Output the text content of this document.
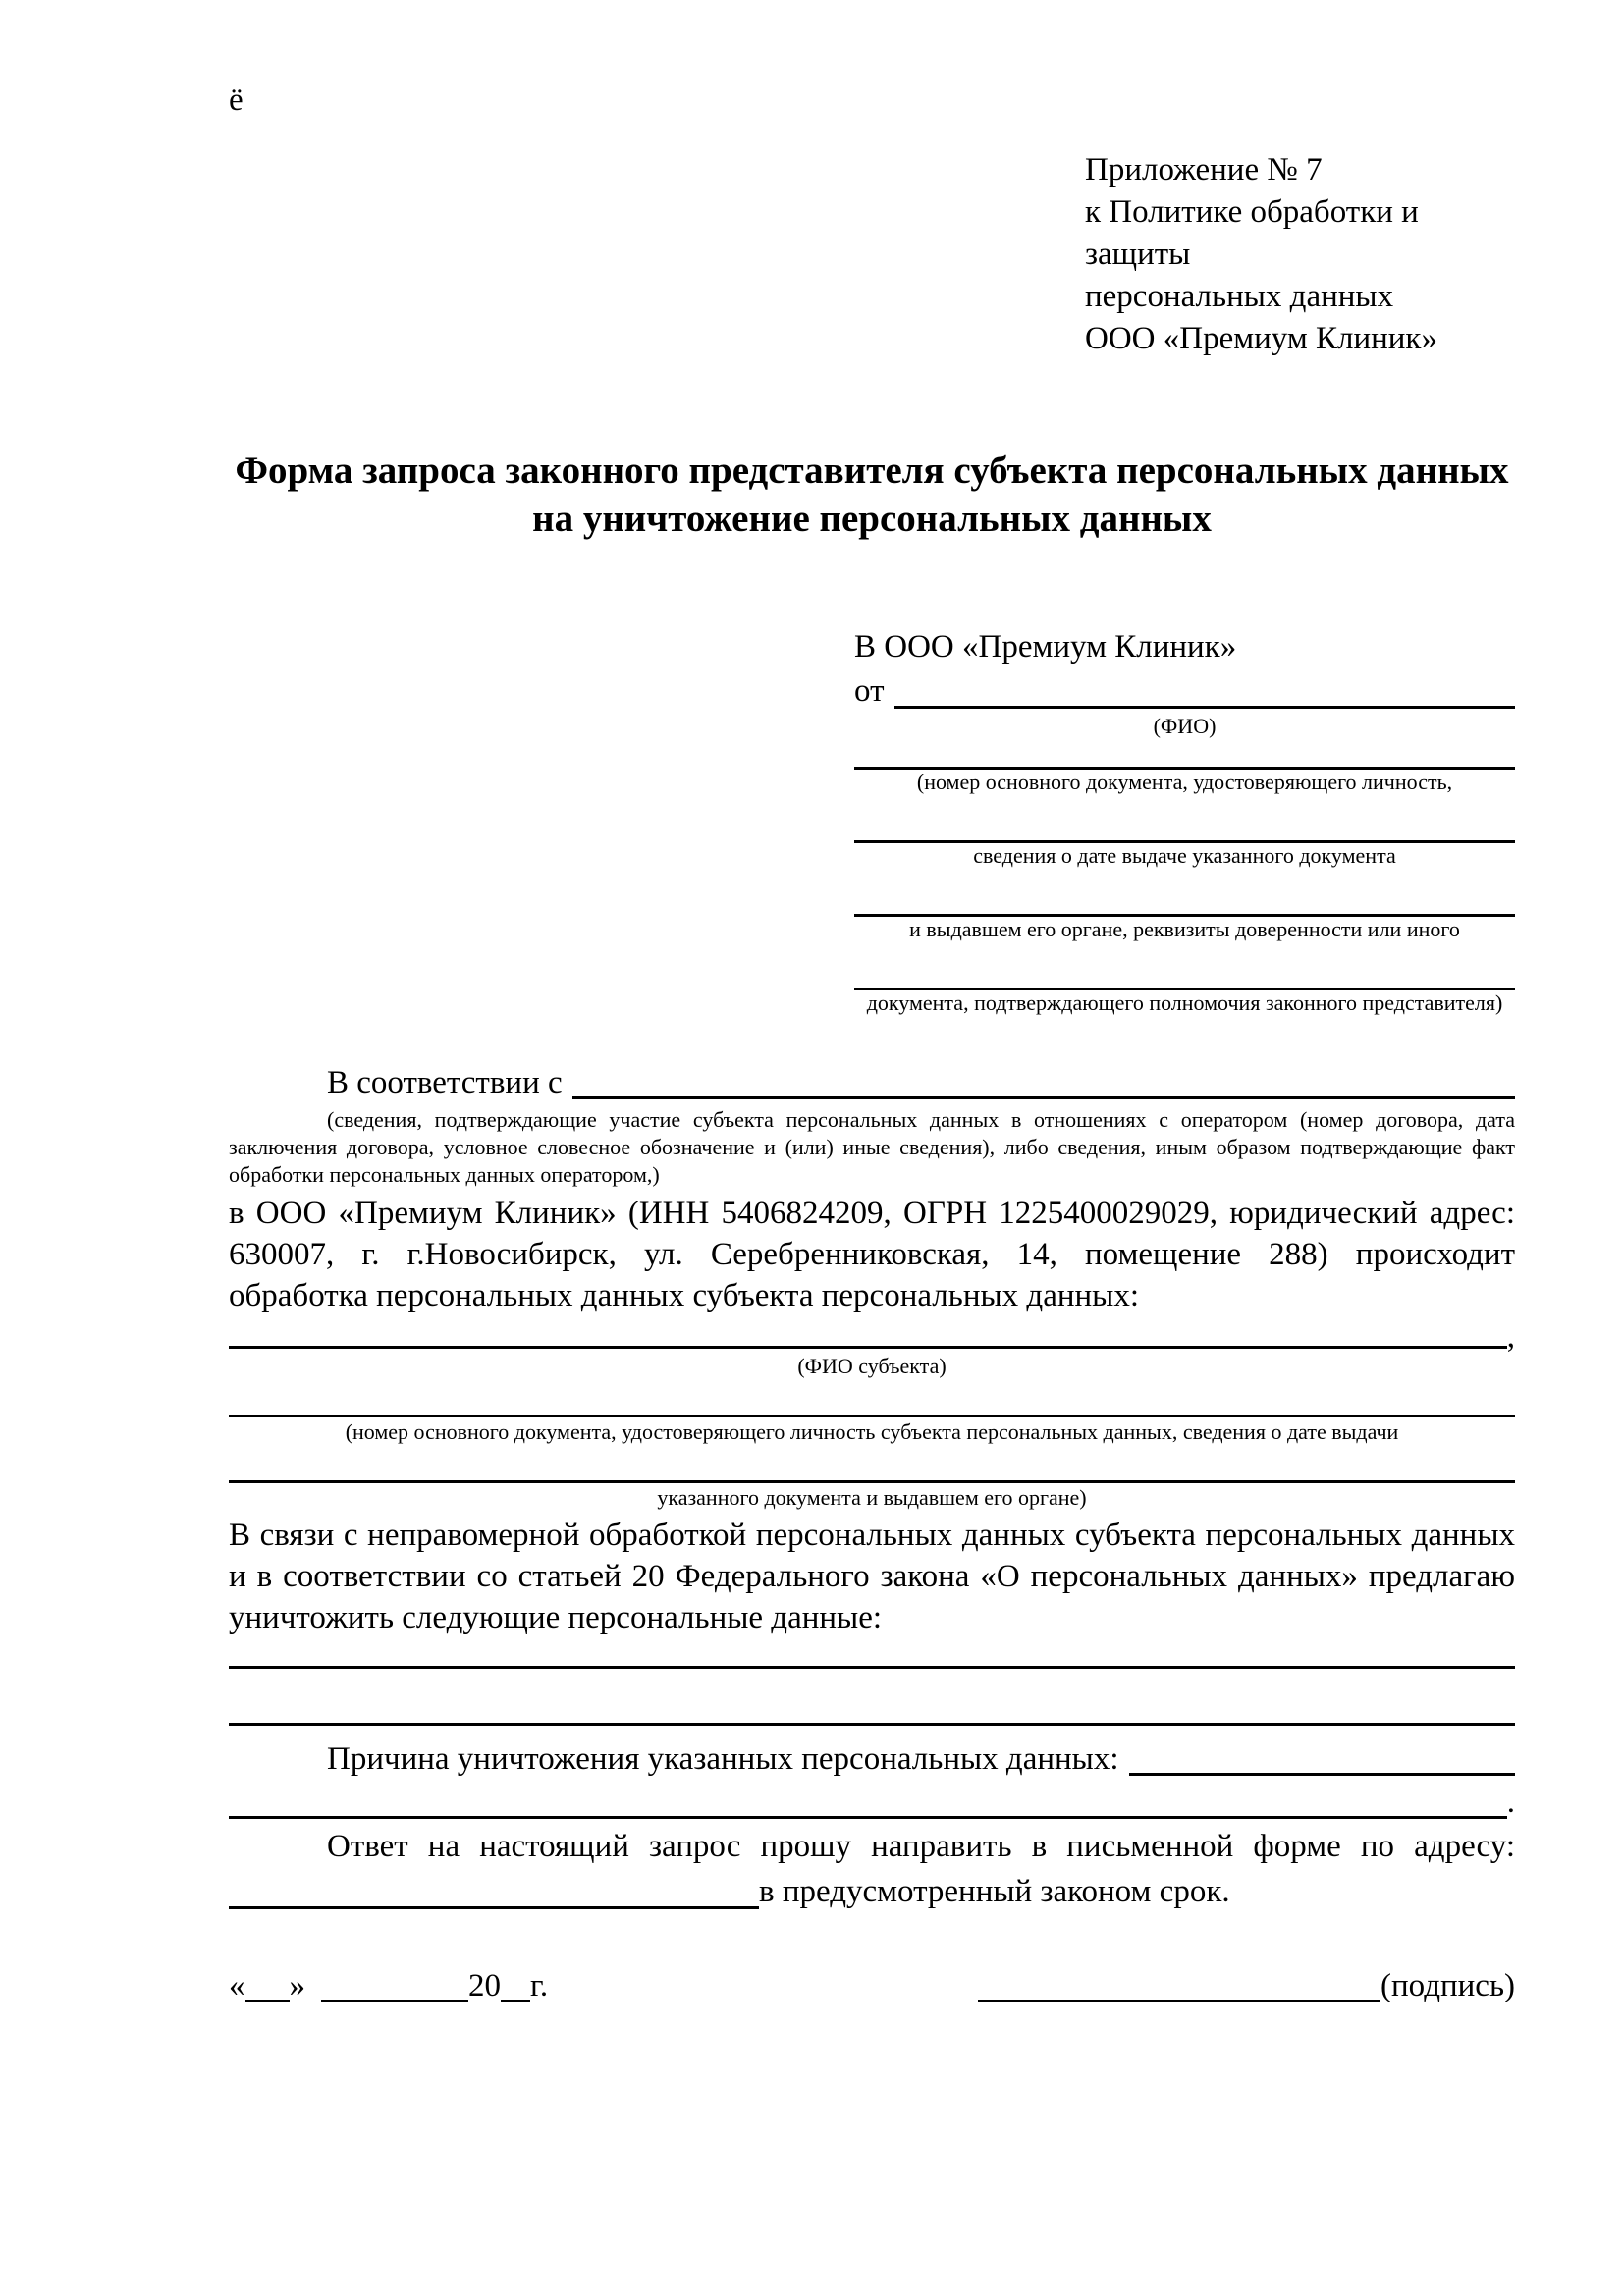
ё
Приложение № 7
к Политике обработки и защиты
персональных данных
ООО «Премиум Клиник»
Форма запроса законного представителя субъекта персональных данных
на уничтожение персональных данных
В ООО «Премиум Клиник»
от
(ФИО)
(номер основного документа, удостоверяющего личность,
сведения о дате выдаче указанного документа
и выдавшем его органе, реквизиты доверенности или иного
документа, подтверждающего полномочия законного представителя)
В соответствии с
(сведения, подтверждающие участие субъекта персональных данных в отношениях с оператором (номер договора, дата
заключения договора, условное словесное обозначение и (или) иные сведения), либо сведения, иным образом подтверждающие факт
обработки персональных данных оператором,)
в ООО «Премиум Клиник» (ИНН 5406824209, ОГРН 1225400029029, юридический адрес:
630007, г. г.Новосибирск, ул. Серебренниковская, 14, помещение 288) происходит
обработка персональных данных субъекта персональных данных:
,
(ФИО субъекта)
(номер основного документа, удостоверяющего личность субъекта персональных данных, сведения о дате выдачи
указанного документа и выдавшем его органе)
В связи с неправомерной обработкой персональных данных субъекта персональных данных
и в соответствии со статьей 20 Федерального закона «О персональных данных» предлагаю
уничтожить следующие персональные данные:
Причина уничтожения указанных персональных данных:
.
Ответ на настоящий запрос прошу направить в письменной форме по адресу:
в предусмотренный законом срок.
« »	20 г.	(подпись)
